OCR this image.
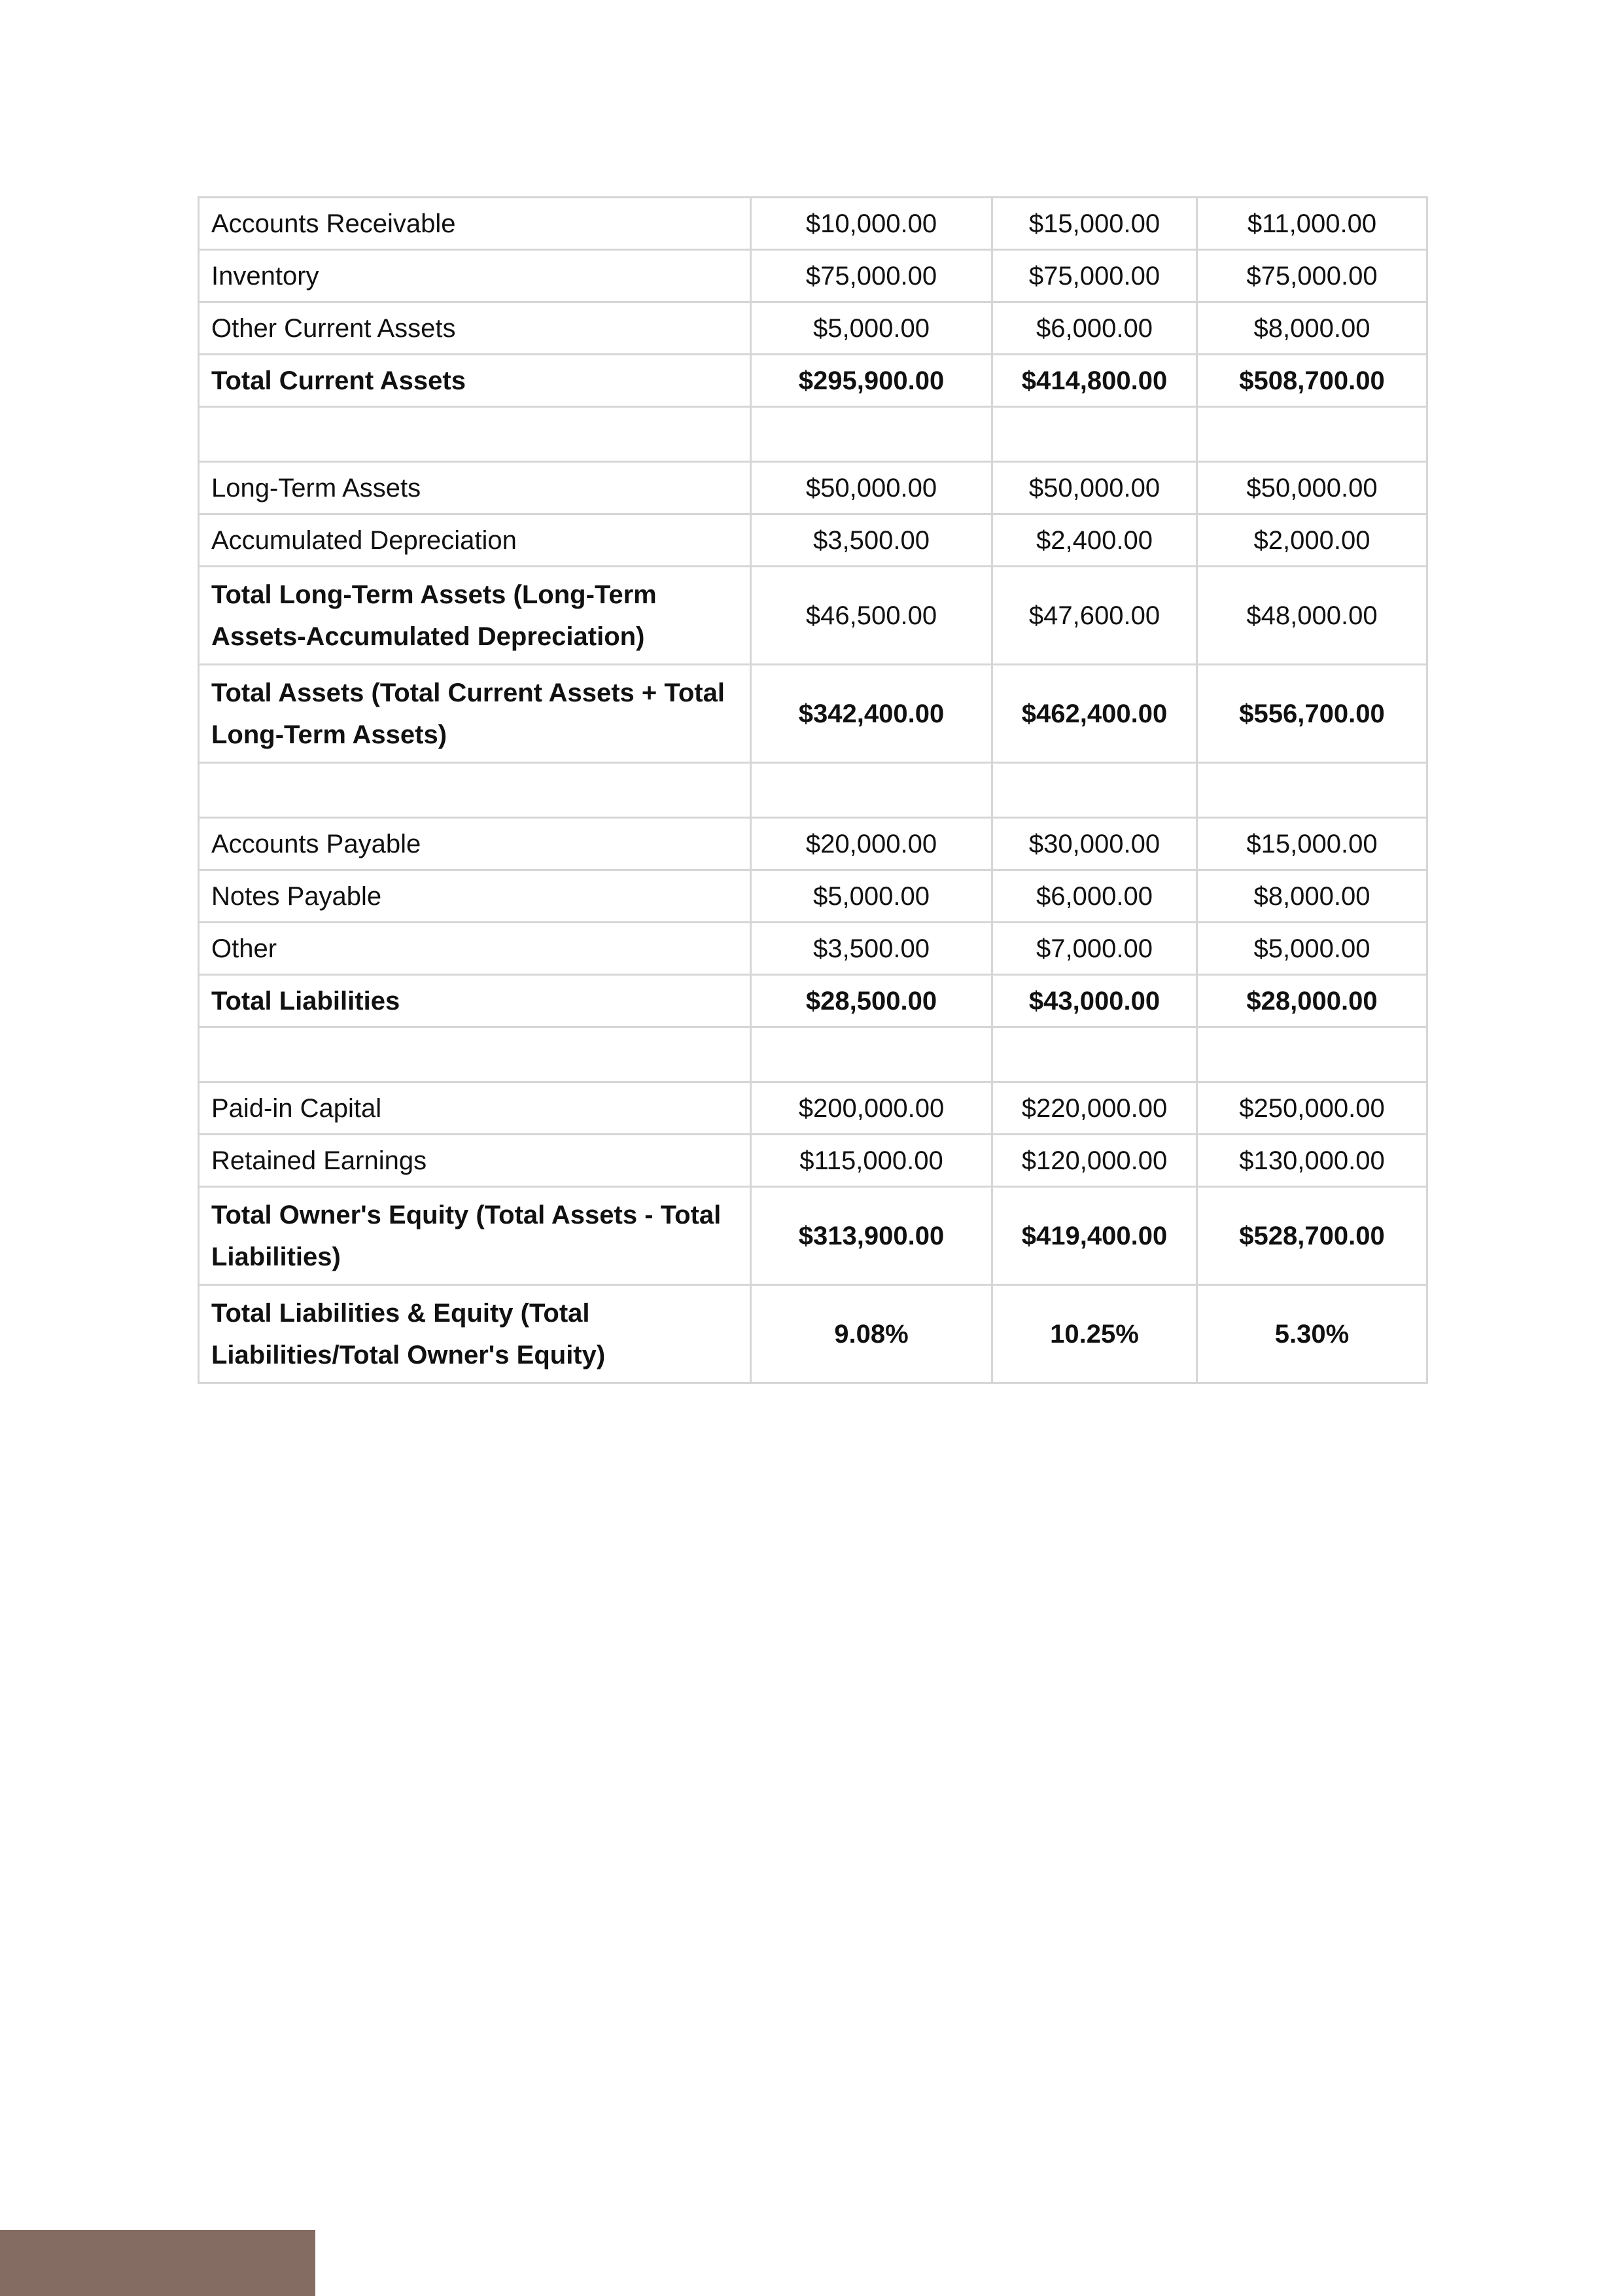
Accounts Receivable	$10,000.00	$15,000.00	$11,000.00
Inventory	$75,000.00	$75,000.00	$75,000.00
Other Current Assets	$5,000.00	$6,000.00	$8,000.00
Total Current Assets	$295,900.00	$414,800.00	$508,700.00

Long-Term Assets	$50,000.00	$50,000.00	$50,000.00
Accumulated Depreciation	$3,500.00	$2,400.00	$2,000.00
Total Long-Term Assets (Long-Term Assets-Accumulated Depreciation)	$46,500.00	$47,600.00	$48,000.00
Total Assets (Total Current Assets + Total Long-Term Assets)	$342,400.00	$462,400.00	$556,700.00

Accounts Payable	$20,000.00	$30,000.00	$15,000.00
Notes Payable	$5,000.00	$6,000.00	$8,000.00
Other	$3,500.00	$7,000.00	$5,000.00
Total Liabilities	$28,500.00	$43,000.00	$28,000.00

Paid-in Capital	$200,000.00	$220,000.00	$250,000.00
Retained Earnings	$115,000.00	$120,000.00	$130,000.00
Total Owner's Equity (Total Assets - Total Liabilities)	$313,900.00	$419,400.00	$528,700.00
Total Liabilities & Equity (Total Liabilities/Total Owner's Equity)	9.08%	10.25%	5.30%
